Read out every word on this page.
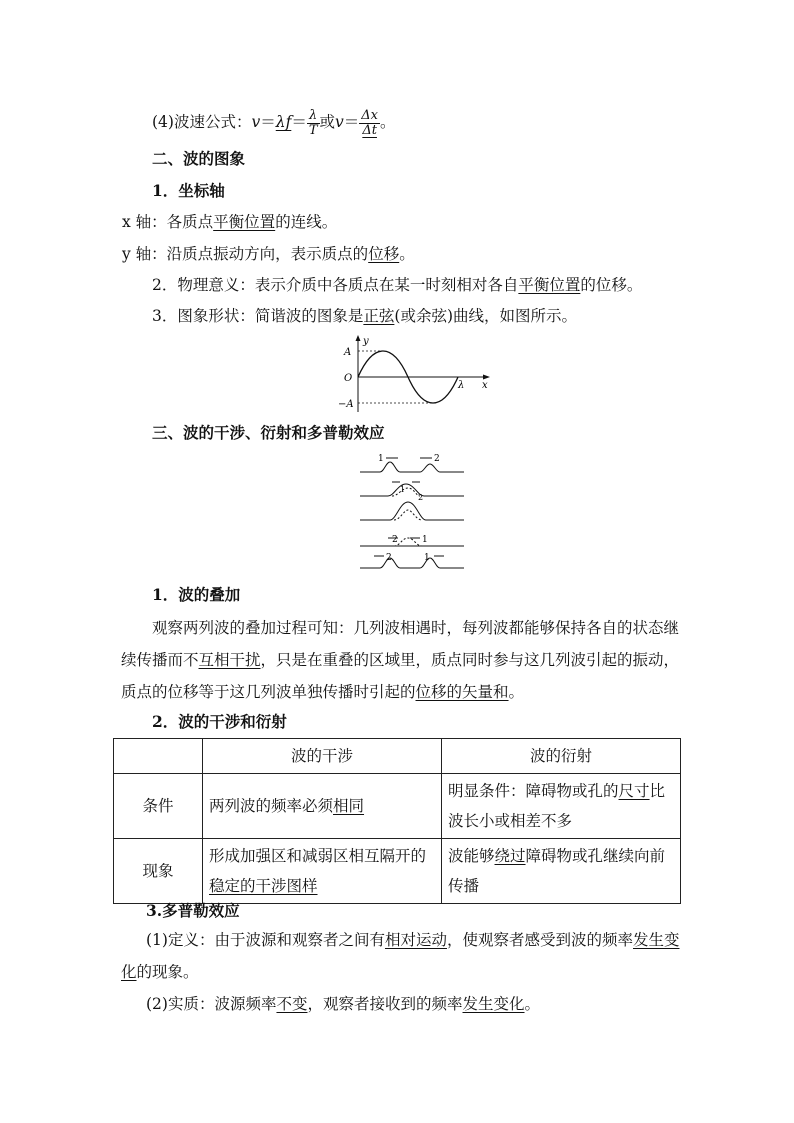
(4)波速公式：$v=\lambda f= \frac{\lambda}{T}$ 或$v= \frac{\Delta x}{\Delta t}$ 。
二、波的图象
1．坐标轴
x 轴：各质点平衡位置的连线。
y 轴：沿质点振动方向，表示质点的位移。
2．物理意义：表示介质中各质点在某一时刻相对各自平衡位置的位移。
3．图象形状：简谐波的图象是正弦(或余弦)曲线，如图所示。
y
A
O
−A
λ x
三、波的干涉、衍射和多普勒效应
1	2
1
2
2	1
2	1
1．波的叠加
观察两列波的叠加过程可知：几列波相遇时，每列波都能够保持各自的状态继续传播而不互相干扰，只是在重叠的区域里，质点同时参与这几列波引起的振动，质点的位移等于这几列波单独传播时引起的位移的矢量和。
2．波的干涉和衍射
	波的干涉	波的衍射
条件	两列波的频率必须相同	明显条件：障碍物或孔的尺寸比波长小或相差不多
现象	形成加强区和减弱区相互隔开的稳定的干涉图样	波能够绕过障碍物或孔继续向前传播
3.多普勒效应
(1)定义：由于波源和观察者之间有相对运动，使观察者感受到波的频率发生变化的现象。
(2)实质：波源频率不变，观察者接收到的频率发生变化。
